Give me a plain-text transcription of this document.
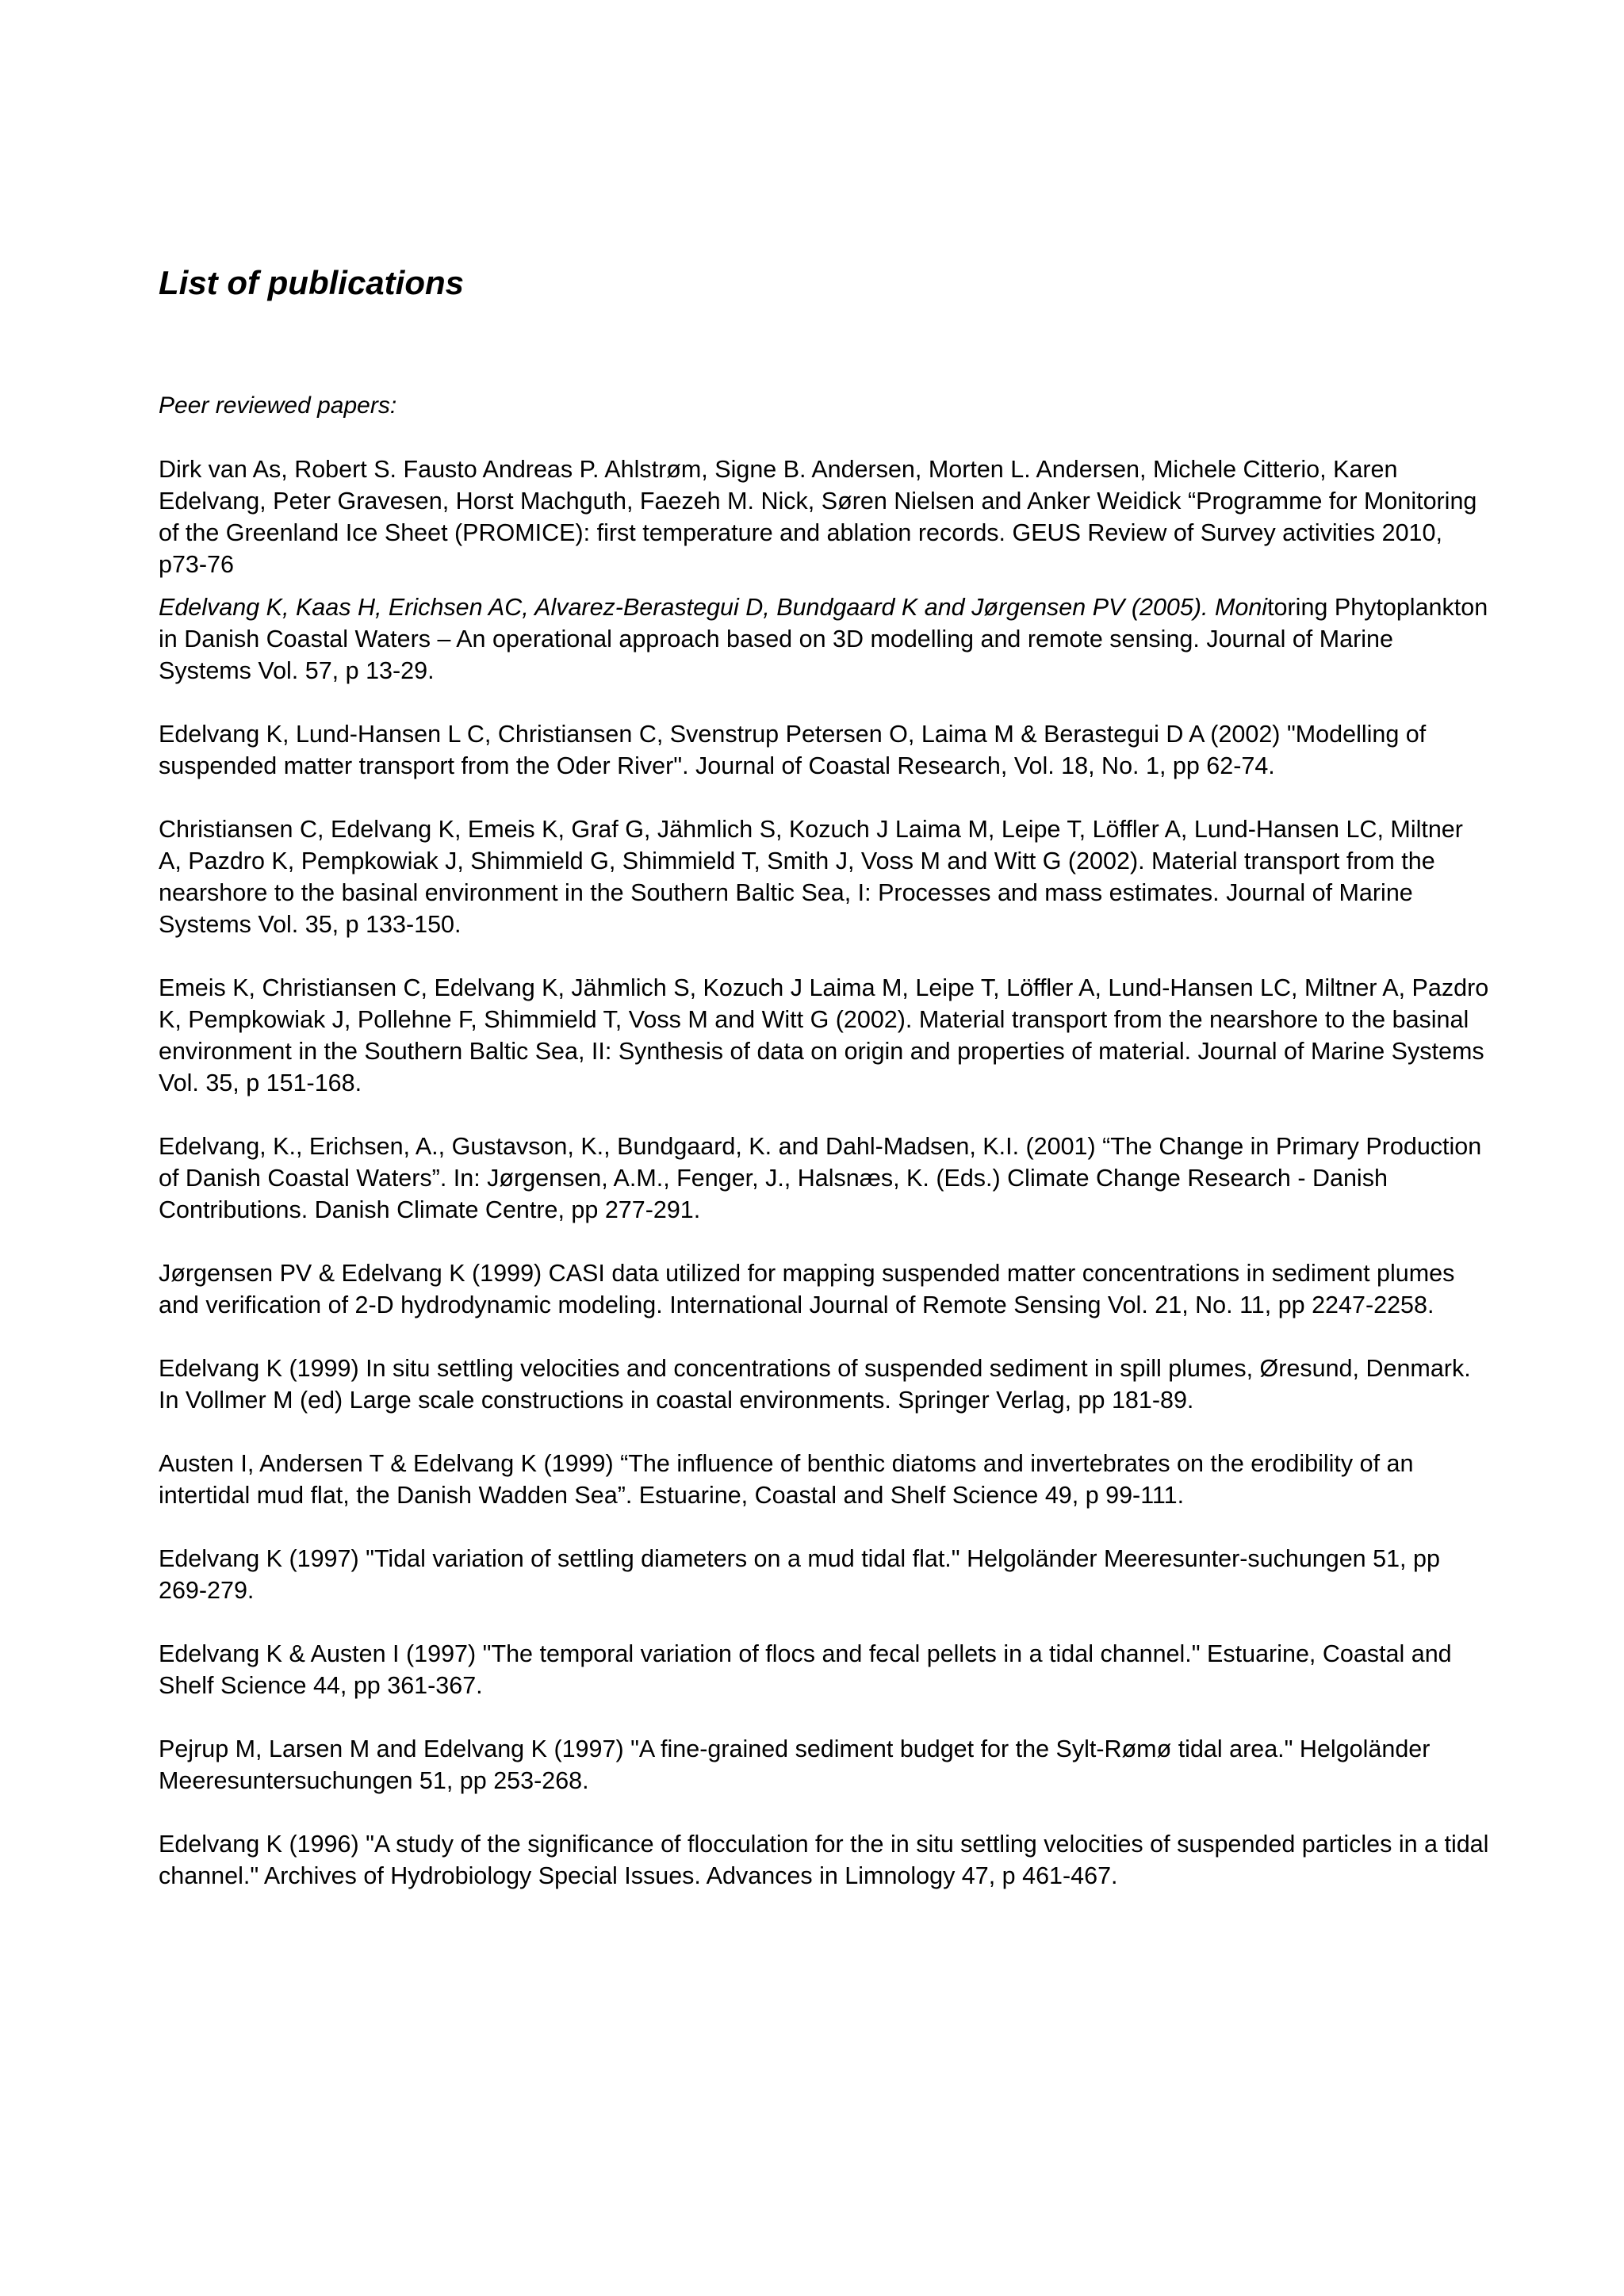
List of publications

Peer reviewed papers:

Dirk van As, Robert S. Fausto Andreas P. Ahlstrøm, Signe B. Andersen, Morten L. Andersen, Michele Citterio, Karen Edelvang, Peter Gravesen, Horst Machguth, Faezeh M. Nick, Søren Nielsen and Anker Weidick “Programme for Monitoring of the Greenland Ice Sheet (PROMICE): first temperature and ablation records. GEUS Review of Survey activities 2010, p73-76
Edelvang K, Kaas H, Erichsen AC, Alvarez-Berastegui D, Bundgaard K and Jørgensen PV (2005). Monitoring Phytoplankton in Danish Coastal Waters – An operational approach based on 3D modelling and remote sensing. Journal of Marine Systems Vol. 57, p 13-29.
Edelvang K, Lund-Hansen L C, Christiansen C, Svenstrup Petersen O, Laima M & Berastegui D A (2002) "Modelling of suspended matter transport from the Oder River". Journal of Coastal Research, Vol. 18, No. 1, pp 62-74.
Christiansen C, Edelvang K, Emeis K, Graf G, Jähmlich S, Kozuch J Laima M, Leipe T, Löffler A, Lund-Hansen LC, Miltner A, Pazdro K, Pempkowiak J, Shimmield G, Shimmield T, Smith J, Voss M and Witt G (2002). Material transport from the nearshore to the basinal environment in the Southern Baltic Sea, I: Processes and mass estimates. Journal of Marine Systems Vol. 35, p 133-150.
Emeis K, Christiansen C, Edelvang K, Jähmlich S, Kozuch J Laima M, Leipe T, Löffler A, Lund-Hansen LC, Miltner A, Pazdro K, Pempkowiak J, Pollehne F, Shimmield T, Voss M and Witt G (2002). Material transport from the nearshore to the basinal environment in the Southern Baltic Sea, II: Synthesis of data on origin and properties of material. Journal of Marine Systems Vol. 35, p 151-168.
Edelvang, K., Erichsen, A., Gustavson, K., Bundgaard, K. and Dahl-Madsen, K.I. (2001) “The Change in Primary Production of Danish Coastal Waters”. In: Jørgensen, A.M., Fenger, J., Halsnæs, K. (Eds.) Climate Change Research - Danish Contributions. Danish Climate Centre, pp 277-291.
Jørgensen PV & Edelvang K (1999) CASI data utilized for mapping suspended matter concentrations in sediment plumes and verification of 2-D hydrodynamic modeling. International Journal of Remote Sensing Vol. 21, No. 11, pp 2247-2258.
Edelvang K (1999) In situ settling velocities and concentrations of suspended sediment in spill plumes, Øresund, Denmark. In Vollmer M (ed) Large scale constructions in coastal environments. Springer Verlag, pp 181-89.
Austen I, Andersen T & Edelvang K (1999) “The influence of benthic diatoms and invertebrates on the erodibility of an intertidal mud flat, the Danish Wadden Sea”. Estuarine, Coastal and Shelf Science 49, p 99-111.
Edelvang K (1997) "Tidal variation of settling diameters on a mud tidal flat." Helgoländer Meeresunter-suchungen 51, pp 269-279.
Edelvang K & Austen I (1997) "The temporal variation of flocs and fecal pellets in a tidal channel." Estuarine, Coastal and Shelf Science 44, pp 361-367.
Pejrup M, Larsen M and Edelvang K (1997) "A fine-grained sediment budget for the Sylt-Rømø tidal area." Helgoländer Meeresuntersuchungen 51, pp 253-268.
Edelvang K (1996) "A study of the significance of flocculation for the in situ settling velocities of suspended particles in a tidal channel." Archives of Hydrobiology Special Issues. Advances in Limnology 47, p 461-467.
